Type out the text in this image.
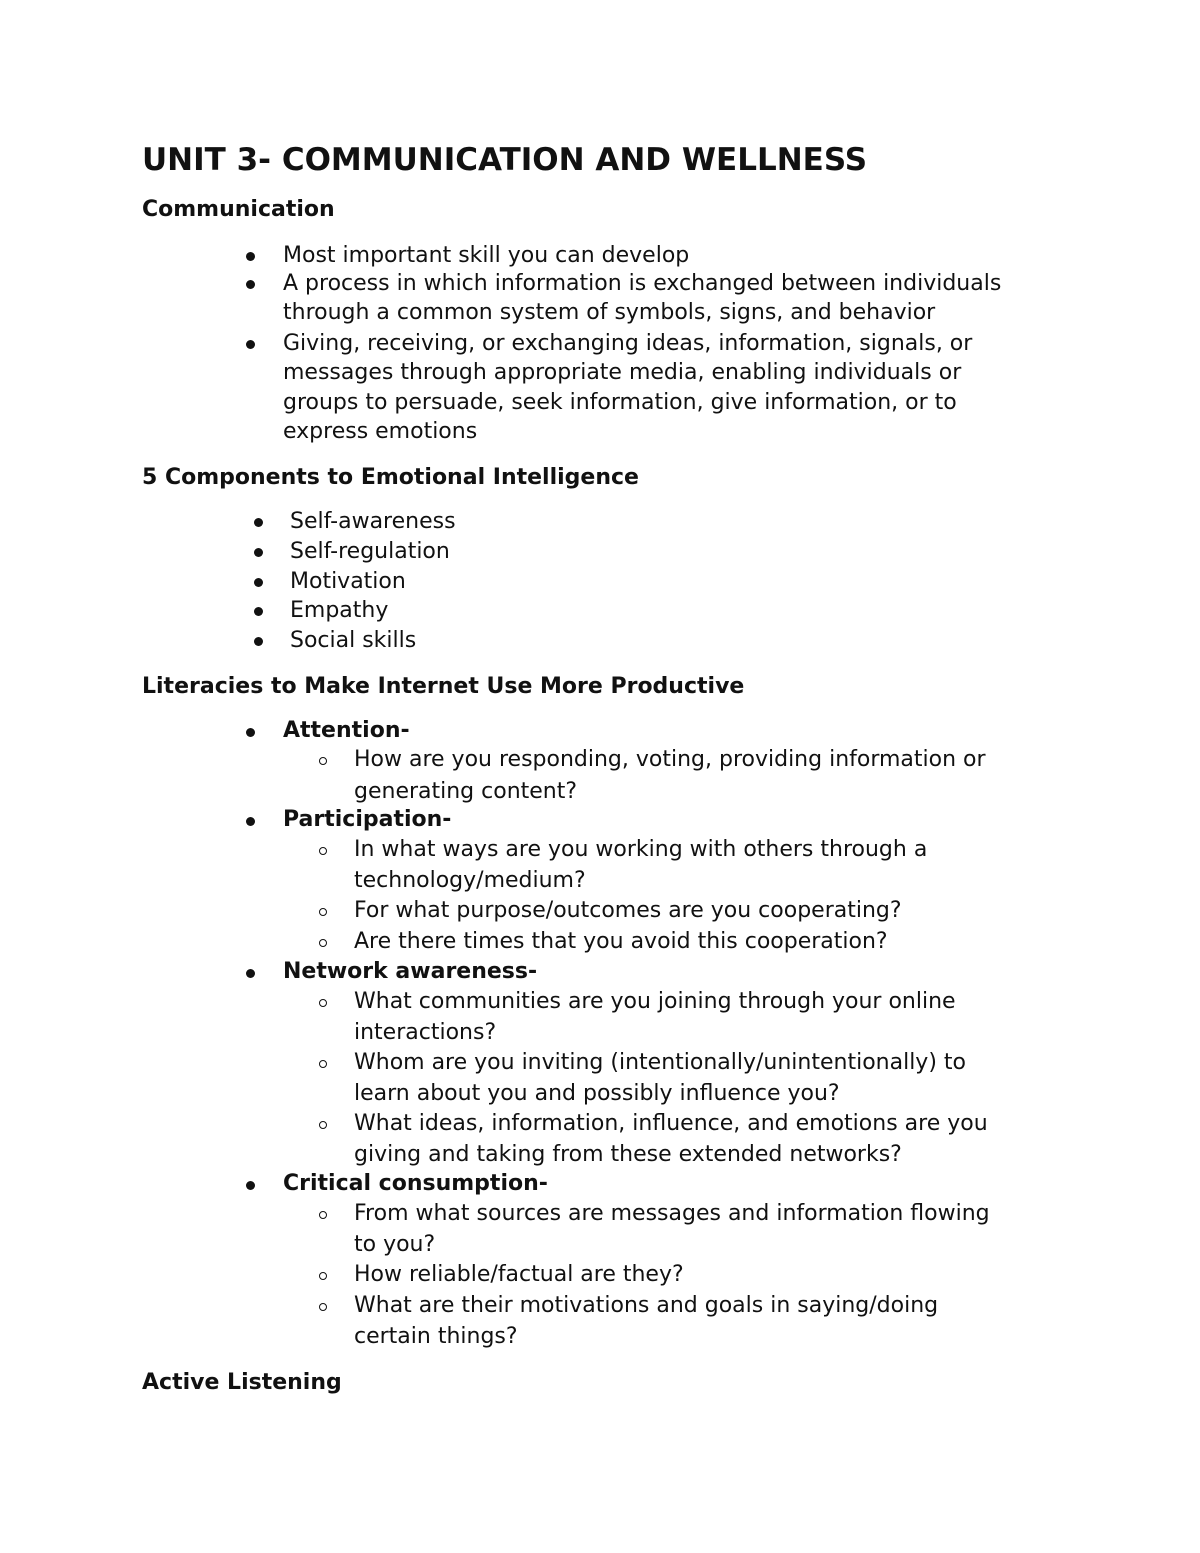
UNIT 3- COMMUNICATION AND WELLNESS
Communication

Most important skill you can develop

A process in which information is exchanged between individuals

through a common system of symbols, signs, and behavior

Giving, receiving, or exchanging ideas, information, signals, or

messages through appropriate media, enabling individuals or

groups to persuade, seek information, give information, or to

express emotions

5 Components to Emotional Intelligence

Self-awareness

Self-regulation

Motivation

Empathy

Social skills

Literacies to Make Internet Use More Productive

Attention-

How are you responding, voting, providing information or

generating content?

Participation-

In what ways are you working with others through a

technology/medium?

For what purpose/outcomes are you cooperating?

Are there times that you avoid this cooperation?

Network awareness-

What communities are you joining through your online

interactions?

Whom are you inviting (intentionally/unintentionally) to

learn about you and possibly influence you?

What ideas, information, influence, and emotions are you

giving and taking from these extended networks?

Critical consumption-

From what sources are messages and information flowing

to you?

How reliable/factual are they?

What are their motivations and goals in saying/doing

certain things?

Active Listening
